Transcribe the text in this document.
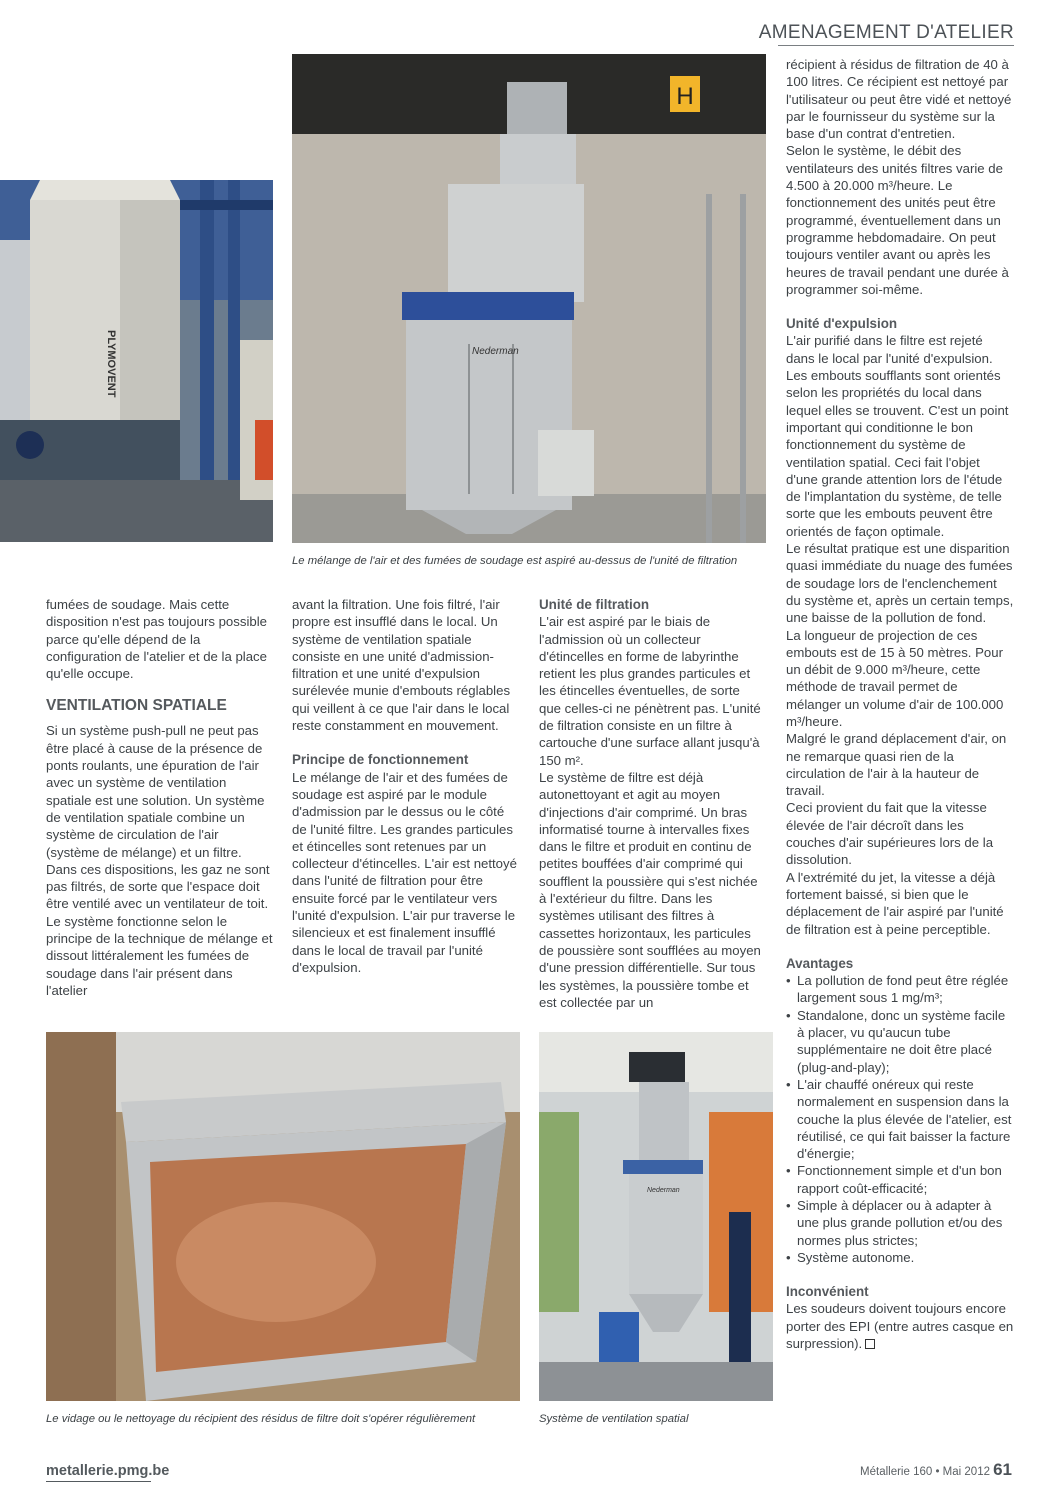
AMENAGEMENT D'ATELIER
PLYMOVENT
H
Nederman
Le mélange de l'air et des fumées de soudage est aspiré au-dessus de l'unité de filtration

fumées de soudage. Mais cette disposition n'est pas toujours possible parce qu'elle dépend de la configuration de l'atelier et de la place qu'elle occupe.

VENTILATION SPATIALE

Si un système push-pull ne peut pas être placé à cause de la présence de ponts roulants, une épuration de l'air avec un système de ventilation spatiale est une solution. Un système de ventilation spatiale combine un système de circulation de l'air (système de mélange) et un filtre. Dans ces dispositions, les gaz ne sont pas filtrés, de sorte que l'espace doit être ventilé avec un ventilateur de toit. Le système fonctionne selon le principe de la technique de mélange et dissout littéralement les fumées de soudage dans l'air présent dans l'atelier

avant la filtration. Une fois filtré, l'air propre est insufflé dans le local. Un système de ventilation spatiale consiste en une unité d'admission-filtration et une unité d'expulsion surélevée munie d'embouts réglables qui veillent à ce que l'air dans le local reste constamment en mouvement.

Principe de fonctionnement

Le mélange de l'air et des fumées de soudage est aspiré par le module d'admission par le dessus ou le côté de l'unité filtre. Les grandes particules et étincelles sont retenues par un collecteur d'étincelles. L'air est nettoyé dans l'unité de filtration pour être ensuite forcé par le ventilateur vers l'unité d'expulsion. L'air pur traverse le silencieux et est finalement insufflé dans le local de travail par l'unité d'expulsion.

Unité de filtration

L'air est aspiré par le biais de l'admission où un collecteur d'étincelles en forme de labyrinthe retient les plus grandes particules et les étincelles éventuelles, de sorte que celles-ci ne pénètrent pas. L'unité de filtration consiste en un filtre à cartouche d'une surface allant jusqu'à 150 m².

Le système de filtre est déjà autonettoyant et agit au moyen d'injections d'air comprimé. Un bras informatisé tourne à intervalles fixes dans le filtre et produit en continu de petites bouffées d'air comprimé qui soufflent la poussière qui s'est nichée à l'extérieur du filtre. Dans les systèmes utilisant des filtres à cassettes horizontaux, les particules de poussière sont soufflées au moyen d'une pression différentielle. Sur tous les systèmes, la poussière tombe et est collectée par un

récipient à résidus de filtration de 40 à 100 litres. Ce récipient est nettoyé par l'utilisateur ou peut être vidé et nettoyé par le fournisseur du système sur la base d'un contrat d'entretien.

Selon le système, le débit des ventilateurs des unités filtres varie de 4.500 à 20.000 m³/heure. Le fonctionnement des unités peut être programmé, éventuellement dans un programme hebdomadaire. On peut toujours ventiler avant ou après les heures de travail pendant une durée à programmer soi-même.

Unité d'expulsion

L'air purifié dans le filtre est rejeté dans le local par l'unité d'expulsion. Les embouts soufflants sont orientés selon les propriétés du local dans lequel elles se trouvent. C'est un point important qui conditionne le bon fonctionnement du système de ventilation spatial. Ceci fait l'objet d'une grande attention lors de l'étude de l'implantation du système, de telle sorte que les embouts peuvent être orientés de façon optimale.

Le résultat pratique est une disparition quasi immédiate du nuage des fumées de soudage lors de l'enclenchement du système et, après un certain temps, une baisse de la pollution de fond.

La longueur de projection de ces embouts est de 15 à 50 mètres. Pour un débit de 9.000 m³/heure, cette méthode de travail permet de mélanger un volume d'air de 100.000 m³/heure.

Malgré le grand déplacement d'air, on ne remarque quasi rien de la circulation de l'air à la hauteur de travail.

Ceci provient du fait que la vitesse élevée de l'air décroît dans les couches d'air supérieures lors de la dissolution.

A l'extrémité du jet, la vitesse a déjà fortement baissé, si bien que le déplacement de l'air aspiré par l'unité de filtration est à peine perceptible.

Avantages
• La pollution de fond peut être réglée largement sous 1 mg/m³;
• Standalone, donc un système facile à placer, vu qu'aucun tube supplémentaire ne doit être placé (plug-and-play);
• L'air chauffé onéreux qui reste normalement en suspension dans la couche la plus élevée de l'atelier, est réutilisé, ce qui fait baisser la facture d'énergie;
• Fonctionnement simple et d'un bon rapport coût-efficacité;
• Simple à déplacer ou à adapter à une plus grande pollution et/ou des normes plus strictes;
• Système autonome.
Inconvénient

Les soudeurs doivent toujours encore porter des EPI (entre autres casque en surpression).

Le vidage ou le nettoyage du récipient des résidus de filtre doit s'opérer régulièrement
Nederman
Système de ventilation spatial
metallerie.pmg.be	Métallerie 160 • Mai 2012 61
